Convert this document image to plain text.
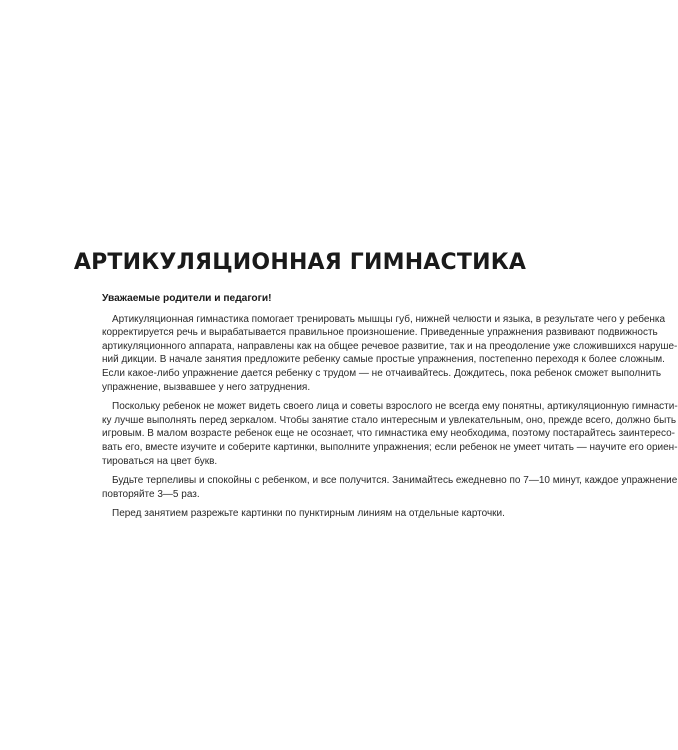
АРТИКУЛЯЦИОННАЯ ГИМНАСТИКА
Уважаемые родители и педагоги!
Артикуляционная гимнастика помогает тренировать мышцы губ, нижней челюсти и языка, в результате чего у ребенка
корректируется речь и вырабатывается правильное произношение. Приведенные упражнения развивают подвижность
артикуляционного аппарата, направлены как на общее речевое развитие, так и на преодоление уже сложившихся наруше-
ний дикции. В начале занятия предложите ребенку самые простые упражнения, постепенно переходя к более сложным.
Если какое-либо упражнение дается ребенку с трудом — не отчаивайтесь. Дождитесь, пока ребенок сможет выполнить
упражнение, вызвавшее у него затруднения.
Поскольку ребенок не может видеть своего лица и советы взрослого не всегда ему понятны, артикуляционную гимнасти-
ку лучше выполнять перед зеркалом. Чтобы занятие стало интересным и увлекательным, оно, прежде всего, должно быть
игровым. В малом возрасте ребенок еще не осознает, что гимнастика ему необходима, поэтому постарайтесь заинтересо-
вать его, вместе изучите и соберите картинки, выполните упражнения; если ребенок не умеет читать — научите его ориен-
тироваться на цвет букв.
Будьте терпеливы и спокойны с ребенком, и все получится. Занимайтесь ежедневно по 7—10 минут, каждое упражнение
повторяйте 3—5 раз.
Перед занятием разрежьте картинки по пунктирным линиям на отдельные карточки.
